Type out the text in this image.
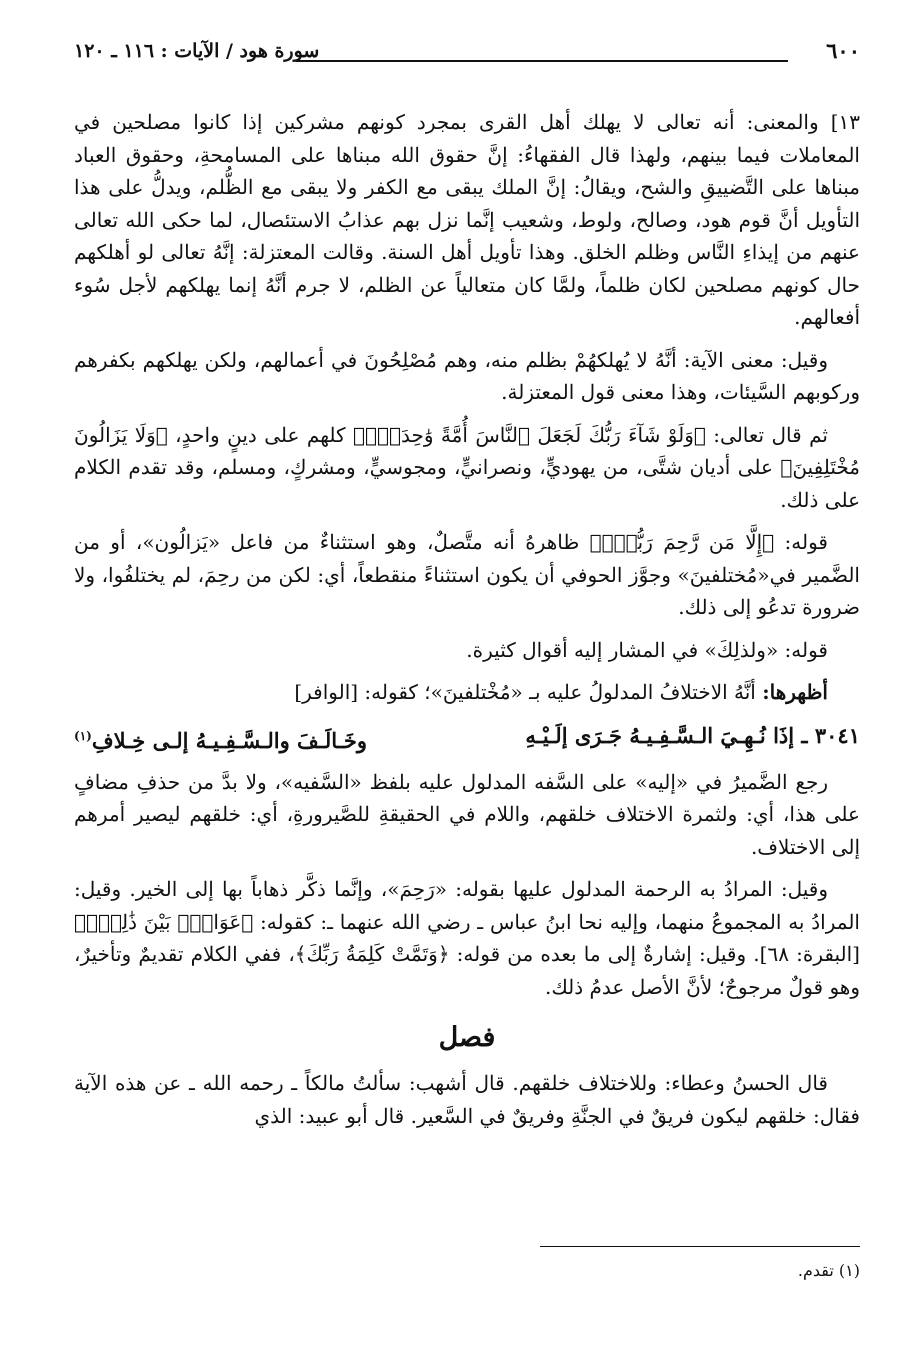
٦٠٠
سورة هود / الآيات : ١١٦ ـ ١٢٠

١٣] والمعنى: أنه تعالى لا يهلك أهل القرى بمجرد كونهم مشركين إذا كانوا مصلحين في المعاملات فيما بينهم، ولهذا قال الفقهاءُ: إنَّ حقوق الله مبناها على المسامحةِ، وحقوق العباد مبناها على التَّضييقِ والشح، ويقالُ: إنَّ الملك يبقى مع الكفر ولا يبقى مع الظُّلم، ويدلُّ على هذا التأويل أنَّ قوم هود، وصالح، ولوط، وشعيب إنَّما نزل بهم عذابُ الاستئصال، لما حكى الله تعالى عنهم من إيذاءِ النَّاس وظلم الخلق. وهذا تأويل أهل السنة. وقالت المعتزلة: إنَّهُ تعالى لو أهلكهم حال كونهم مصلحين لكان ظلماً، ولمَّا كان متعالياً عن الظلم، لا جرم أنَّهُ إنما يهلكهم لأجل سُوء أفعالهم.

وقيل: معنى الآية: أنَّهُ لا يُهلكهُمْ بظلم منه، وهم مُصْلِحُونَ في أعمالهم، ولكن يهلكهم بكفرهم وركوبهم السَّيئات، وهذا معنى قول المعتزلة.

ثم قال تعالى: ﴿وَلَوْ شَآءَ رَبُّكَ لَجَعَلَ ٱلنَّاسَ أُمَّةً وَٰحِدَةًۖ﴾ كلهم على دينٍ واحدٍ، ﴿وَلَا يَزَالُونَ مُخْتَلِفِينَ﴾ على أديان شتَّى، من يهوديٍّ، ونصرانيٍّ، ومجوسيٍّ، ومشركٍ، ومسلم، وقد تقدم الكلام على ذلك.

قوله: ﴿إِلَّا مَن رَّحِمَ رَبُّكَۚ﴾ ظاهرهُ أنه متَّصلٌ، وهو استثناءٌ من فاعل «يَزالُون»، أو من الضَّمير في«مُختلفينَ» وجوَّز الحوفي أن يكون استثناءً منقطعاً، أي: لكن من رحِمَ، لم يختلفُوا، ولا ضرورة تدعُو إلى ذلك.

قوله: «ولذلِكَ» في المشار إليه أقوال كثيرة.

أظهرها: أنَّهُ الاختلافُ المدلولُ عليه بـ «مُخْتلفينَ»؛ كقوله: [الوافر]

٣٠٤١ ـ إذَا نُـهِـيَ الـسَّـفِـيـهُ جَـرَى إلَـيْـهِ
وخَـالَـفَ والـسَّـفِـيـهُ إلـى خِـلافِ$^{(١)}$

رجع الضَّميرُ في «إليه» على السَّفه المدلول عليه بلفظ «السَّفيه»، ولا بدَّ من حذفِ مضافٍ على هذا، أي: ولثمرة الاختلاف خلقهم، واللام في الحقيقةِ للصَّيرورةِ، أي: خلقهم ليصير أمرهم إلى الاختلاف.

وقيل: المرادُ به الرحمة المدلول عليها بقوله: «رَحِمَ»، وإنَّما ذكَّر ذهاباً بها إلى الخير. وقيل: المرادُ به المجموعُ منهما، وإليه نحا ابنُ عباس ـ رضي الله عنهما ـ: كقوله: ﴿عَوَانٌۢ بَيْنَ ذَٰلِكَۖ﴾ [البقرة: ٦٨]. وقيل: إشارةٌ إلى ما بعده من قوله: ﴿وَتَمَّتْ كَلِمَةُ رَبِّكَ﴾، ففي الكلام تقديمٌ وتأخيرٌ، وهو قولٌ مرجوحٌ؛ لأنَّ الأصل عدمُ ذلك.

فصل

قال الحسنُ وعطاء: وللاختلاف خلقهم. قال أشهب: سألتُ مالكاً ـ رحمه الله ـ عن هذه الآية فقال: خلقهم ليكون فريقٌ في الجنَّةِ وفريقٌ في السَّعير. قال أبو عبيد: الذي

(١) تقدم.
